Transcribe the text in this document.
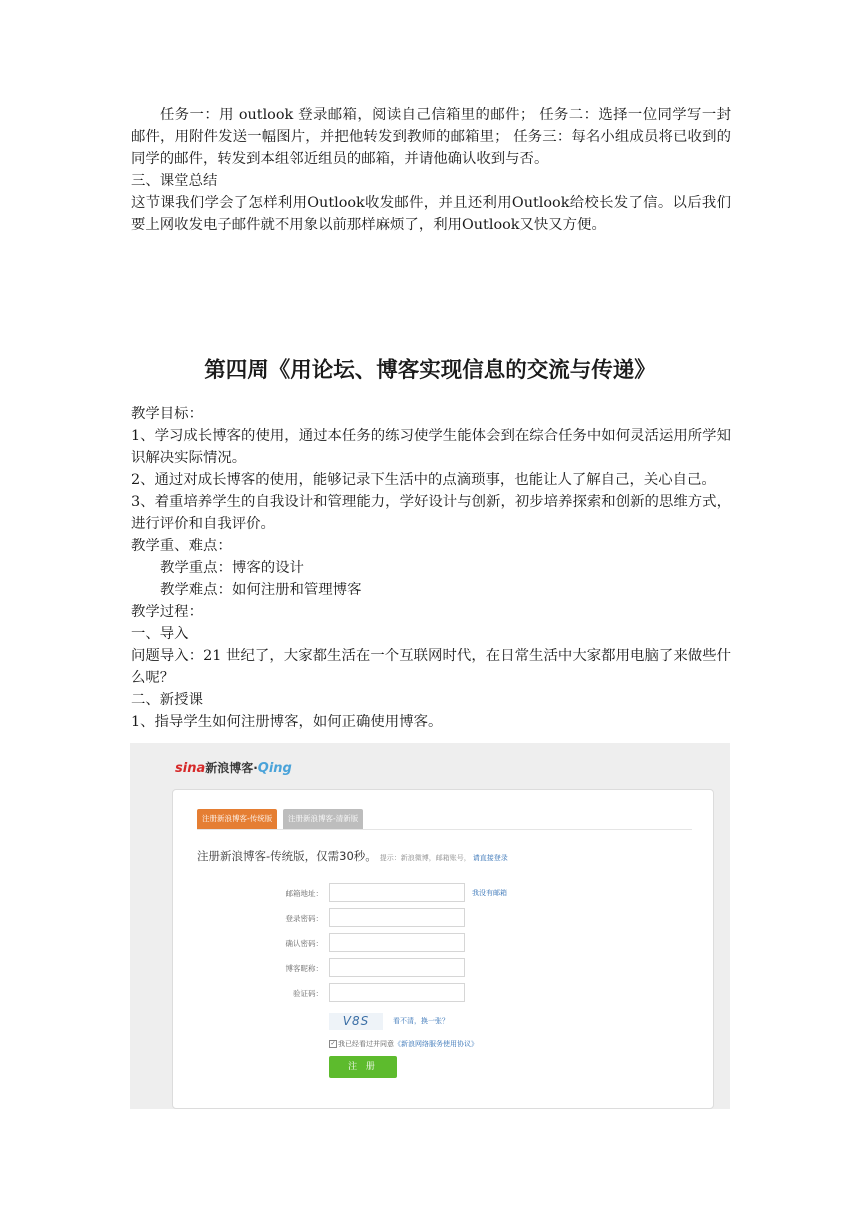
任务一：用 outlook 登录邮箱，阅读自己信箱里的邮件； 任务二：选择一位同学写一封邮件，用附件发送一幅图片，并把他转发到教师的邮箱里； 任务三：每名小组成员将已收到的同学的邮件，转发到本组邻近组员的邮箱，并请他确认收到与否。

三、课堂总结

这节课我们学会了怎样利用Outlook收发邮件，并且还利用Outlook给校长发了信。以后我们要上网收发电子邮件就不用象以前那样麻烦了，利用Outlook又快又方便。

第四周《用论坛、博客实现信息的交流与传递》

教学目标：

1、学习成长博客的使用，通过本任务的练习使学生能体会到在综合任务中如何灵活运用所学知识解决实际情况。

2、通过对成长博客的使用，能够记录下生活中的点滴琐事，也能让人了解自己，关心自己。

3、着重培养学生的自我设计和管理能力，学好设计与创新，初步培养探索和创新的思维方式，进行评价和自我评价。

教学重、难点：

教学重点：博客的设计

教学难点：如何注册和管理博客

教学过程：

一、导入

问题导入：21 世纪了，大家都生活在一个互联网时代，在日常生活中大家都用电脑了来做些什么呢？

二、新授课

1、指导学生如何注册博客，如何正确使用博客。

sina新浪博客·Qing
注册新浪博客-传统版	注册新浪博客-清新版
注册新浪博客-传统版，仅需30秒。 提示：新浪微博，邮箱账号， 请直接登录
邮箱地址：	我没有邮箱
登录密码：
确认密码：
博客昵称：
验证码：
V8S	看不清，换一张？
✓ 我已经看过并同意《新浪网络服务使用协议》
注 册
